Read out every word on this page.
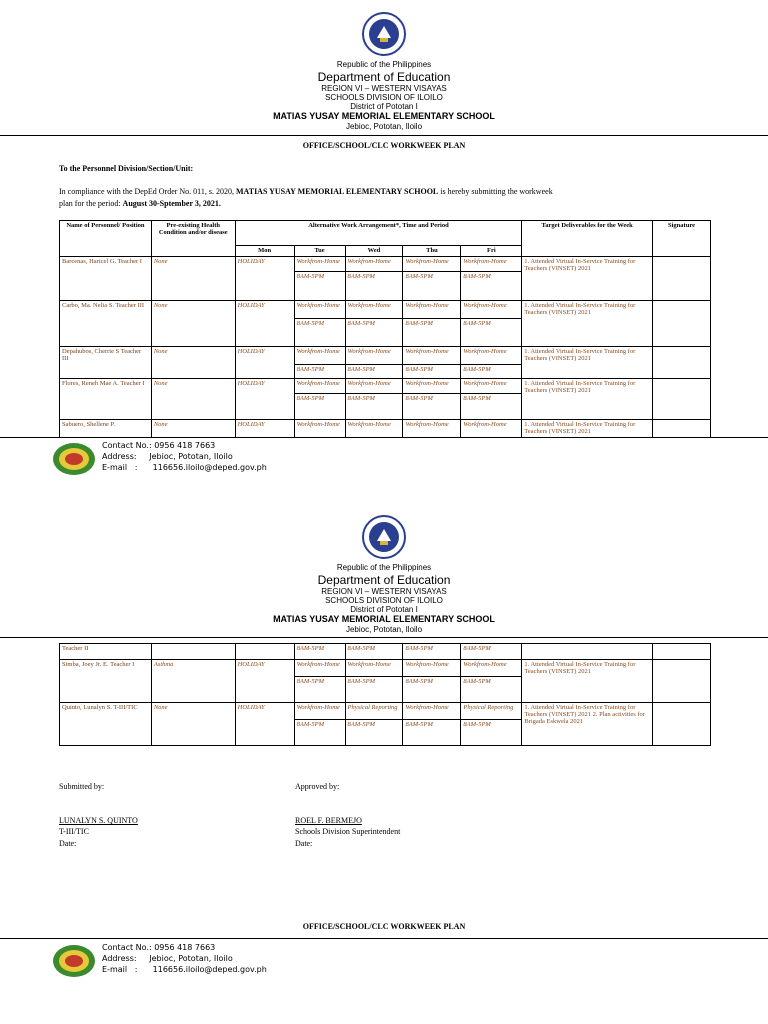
Republic of the Philippines
Department of Education
REGION VI – WESTERN VISAYAS
SCHOOLS DIVISION OF ILOILO
District of Pototan I
MATIAS YUSAY MEMORIAL ELEMENTARY SCHOOL
Jebioc, Pototan, Iloilo
OFFICE/SCHOOL/CLC WORKWEEK PLAN
To the Personnel Division/Section/Unit:
In compliance with the DepEd Order No. 011, s. 2020, MATIAS YUSAY MEMORIAL ELEMENTARY SCHOOL is hereby submitting the workweek
plan for the period: August 30-Sptember 3, 2021.
Name of Personnel/ Position	Pre-existing Health Condition and/or disease	Alternative Work Arrangement*, Time and Period					Target Deliverables for the Week	Signature
		Mon	Tue	Wed	Thu	Fri		
Barcenas, Haricel G. Teacher I	None	HOLIDAY	Workfrom-Home	Workfrom-Home	Workfrom-Home	Workfrom-Home	1. Attended Virtual In-Service Training for Teachers (VINSET) 2021	
			8AM-5PM	8AM-5PM	8AM-5PM	8AM-5PM		
Carbo, Ma. Nelia S. Teacher III	None	HOLIDAY	Workfrom-Home	Workfrom-Home	Workfrom-Home	Workfrom-Home	1. Attended Virtual In-Service Training for Teachers (VINSET) 2021	
			8AM-5PM	8AM-5PM	8AM-5PM	8AM-5PM		
Depahubos, Cherrie S Teacher III	None	HOLIDAY	Workfrom-Home	Workfrom-Home	Workfrom-Home	Workfrom-Home	1. Attended Virtual In-Service Training for Teachers (VINSET) 2021	
			8AM-5PM	8AM-5PM	8AM-5PM	8AM-5PM		
Flores, Reneh Mae A. Teacher I	None	HOLIDAY	Workfrom-Home	Workfrom-Home	Workfrom-Home	Workfrom-Home	1. Attended Virtual In-Service Training for Teachers (VINSET) 2021	
			8AM-5PM	8AM-5PM	8AM-5PM	8AM-5PM		
Sabuero, Shellene P.	None	HOLIDAY	Workfrom-Home	Workfrom-Home	Workfrom-Home	Workfrom-Home	1. Attended Virtual In-Service Training for Teachers (VINSET) 2021	
Contact No.: 0956 418 7663
Address:     Jebioc, Pototan, Iloilo
E-mail   :      116656.iloilo@deped.gov.ph
Republic of the Philippines
Department of Education
REGION VI – WESTERN VISAYAS
SCHOOLS DIVISION OF ILOILO
District of Pototan I
MATIAS YUSAY MEMORIAL ELEMENTARY SCHOOL
Jebioc, Pototan, Iloilo
Teacher II			8AM-5PM	8AM-5PM	8AM-5PM	8AM-5PM		
Simba, Joey Jr. E. Teacher I	Asthma	HOLIDAY	Workfrom-Home	Workfrom-Home	Workfrom-Home	Workfrom-Home	1. Attended Virtual In-Service Training for Teachers (VINSET) 2021	
			8AM-5PM	8AM-5PM	8AM-5PM	8AM-5PM		
Quinto, Lunalyn S. T-III/TIC	None	HOLIDAY	Workfrom-Home	Physical Reporting	Workfrom-Home	Physical Reporting	1. Attended Virtual In-Service Training for Teachers (VINSET) 2021 2. Plan activities for Brigada Eskwela 2021	
			8AM-5PM	8AM-5PM	8AM-5PM	8AM-5PM		
Submitted by:	Approved by:
LUNALYN S. QUINTO
T-III/TIC
Date:
ROEL F. BERMEJO
Schools Division Superintendent
Date:
OFFICE/SCHOOL/CLC WORKWEEK PLAN
Contact No.: 0956 418 7663
Address:     Jebioc, Pototan, Iloilo
E-mail   :      116656.iloilo@deped.gov.ph
